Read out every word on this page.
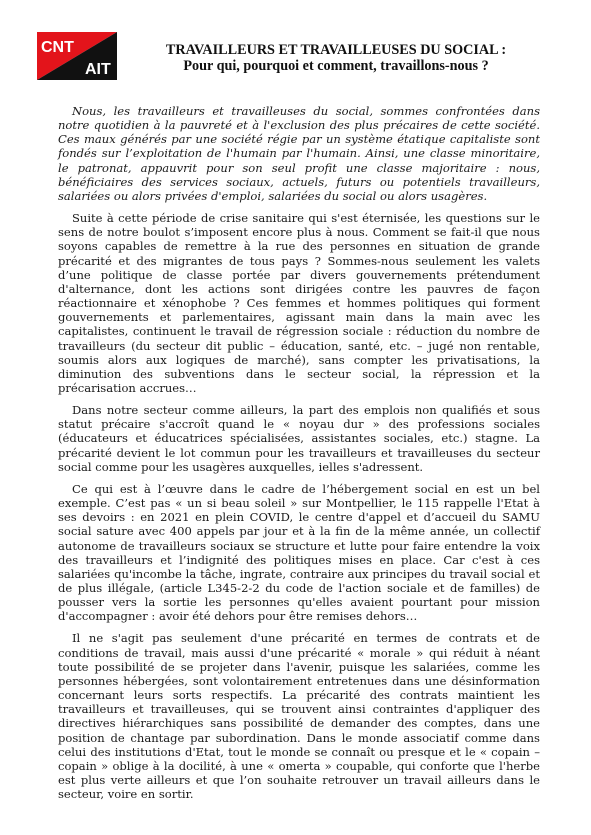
CNT
AIT
TRAVAILLEURS ET TRAVAILLEUSES DU SOCIAL :
Pour qui, pourquoi et comment, travaillons-nous ?

Nous, les travailleurs et travailleuses du social, sommes confrontées dans notre quotidien à la pauvreté et à l'exclusion des plus précaires de cette société. Ces maux générés par une société régie par un système étatique capitaliste sont fondés sur l’exploitation de l'humain par l'humain. Ainsi, une classe minoritaire, le patronat, appauvrit pour son seul profit une classe majoritaire : nous, bénéficiaires des services sociaux, actuels, futurs ou potentiels travailleurs, salariées ou alors privées d'emploi, salariées du social ou alors usagères.

Suite à cette période de crise sanitaire qui s'est éternisée, les questions sur le sens de notre boulot s’imposent encore plus à nous. Comment se fait-il que nous soyons capables de remettre à la rue des personnes en situation de grande précarité et des migrantes de tous pays ? Sommes-nous seulement les valets d’une politique de classe portée par divers gouvernements prétendument d'alternance, dont les actions sont dirigées contre les pauvres de façon réactionnaire et xénophobe ? Ces femmes et hommes politiques qui forment gouvernements et parlementaires, agissant main dans la main avec les capitalistes, continuent le travail de régression sociale : réduction du nombre de travailleurs (du secteur dit public – éducation, santé, etc. – jugé non rentable, soumis alors aux logiques de marché), sans compter les privatisations, la diminution des subventions dans le secteur social, la répression et la précarisation accrues…

Dans notre secteur comme ailleurs, la part des emplois non qualifiés et sous statut précaire s'accroît quand le « noyau dur » des professions sociales (éducateurs et éducatrices spécialisées, assistantes sociales, etc.) stagne. La précarité devient le lot commun pour les travailleurs et travailleuses du secteur social comme pour les usagères auxquelles, ielles s'adressent.

Ce qui est à l’œuvre dans le cadre de l’hébergement social en est un bel exemple. C’est pas « un si beau soleil » sur Montpellier, le 115 rappelle l'Etat à ses devoirs : en 2021 en plein COVID, le centre d'appel et d’accueil du SAMU social sature avec 400 appels par jour et à la fin de la même année, un collectif autonome de travailleurs sociaux se structure et lutte pour faire entendre la voix des travailleurs et l’indignité des politiques mises en place. Car c'est à ces salariées qu'incombe la tâche, ingrate, contraire aux principes du travail social et de plus illégale, (article L345-2-2 du code de l'action sociale et de familles) de pousser vers la sortie les personnes qu'elles avaient pourtant pour mission d'accompagner : avoir été dehors pour être remises dehors…

Il ne s'agit pas seulement d'une précarité en termes de contrats et de conditions de travail, mais aussi d'une précarité « morale » qui réduit à néant toute possibilité de se projeter dans l'avenir, puisque les salariées, comme les personnes hébergées, sont volontairement entretenues dans une désinformation concernant leurs sorts respectifs. La précarité des contrats maintient les travailleurs et travailleuses, qui se trouvent ainsi contraintes d'appliquer des directives hiérarchiques sans possibilité de demander des comptes, dans une position de chantage par subordination. Dans le monde associatif comme dans celui des institutions d'Etat, tout le monde se connaît ou presque et le « copain – copain » oblige à la docilité, à une « omerta » coupable, qui conforte que l'herbe est plus verte ailleurs et que l’on souhaite retrouver un travail ailleurs dans le secteur, voire en sortir.
